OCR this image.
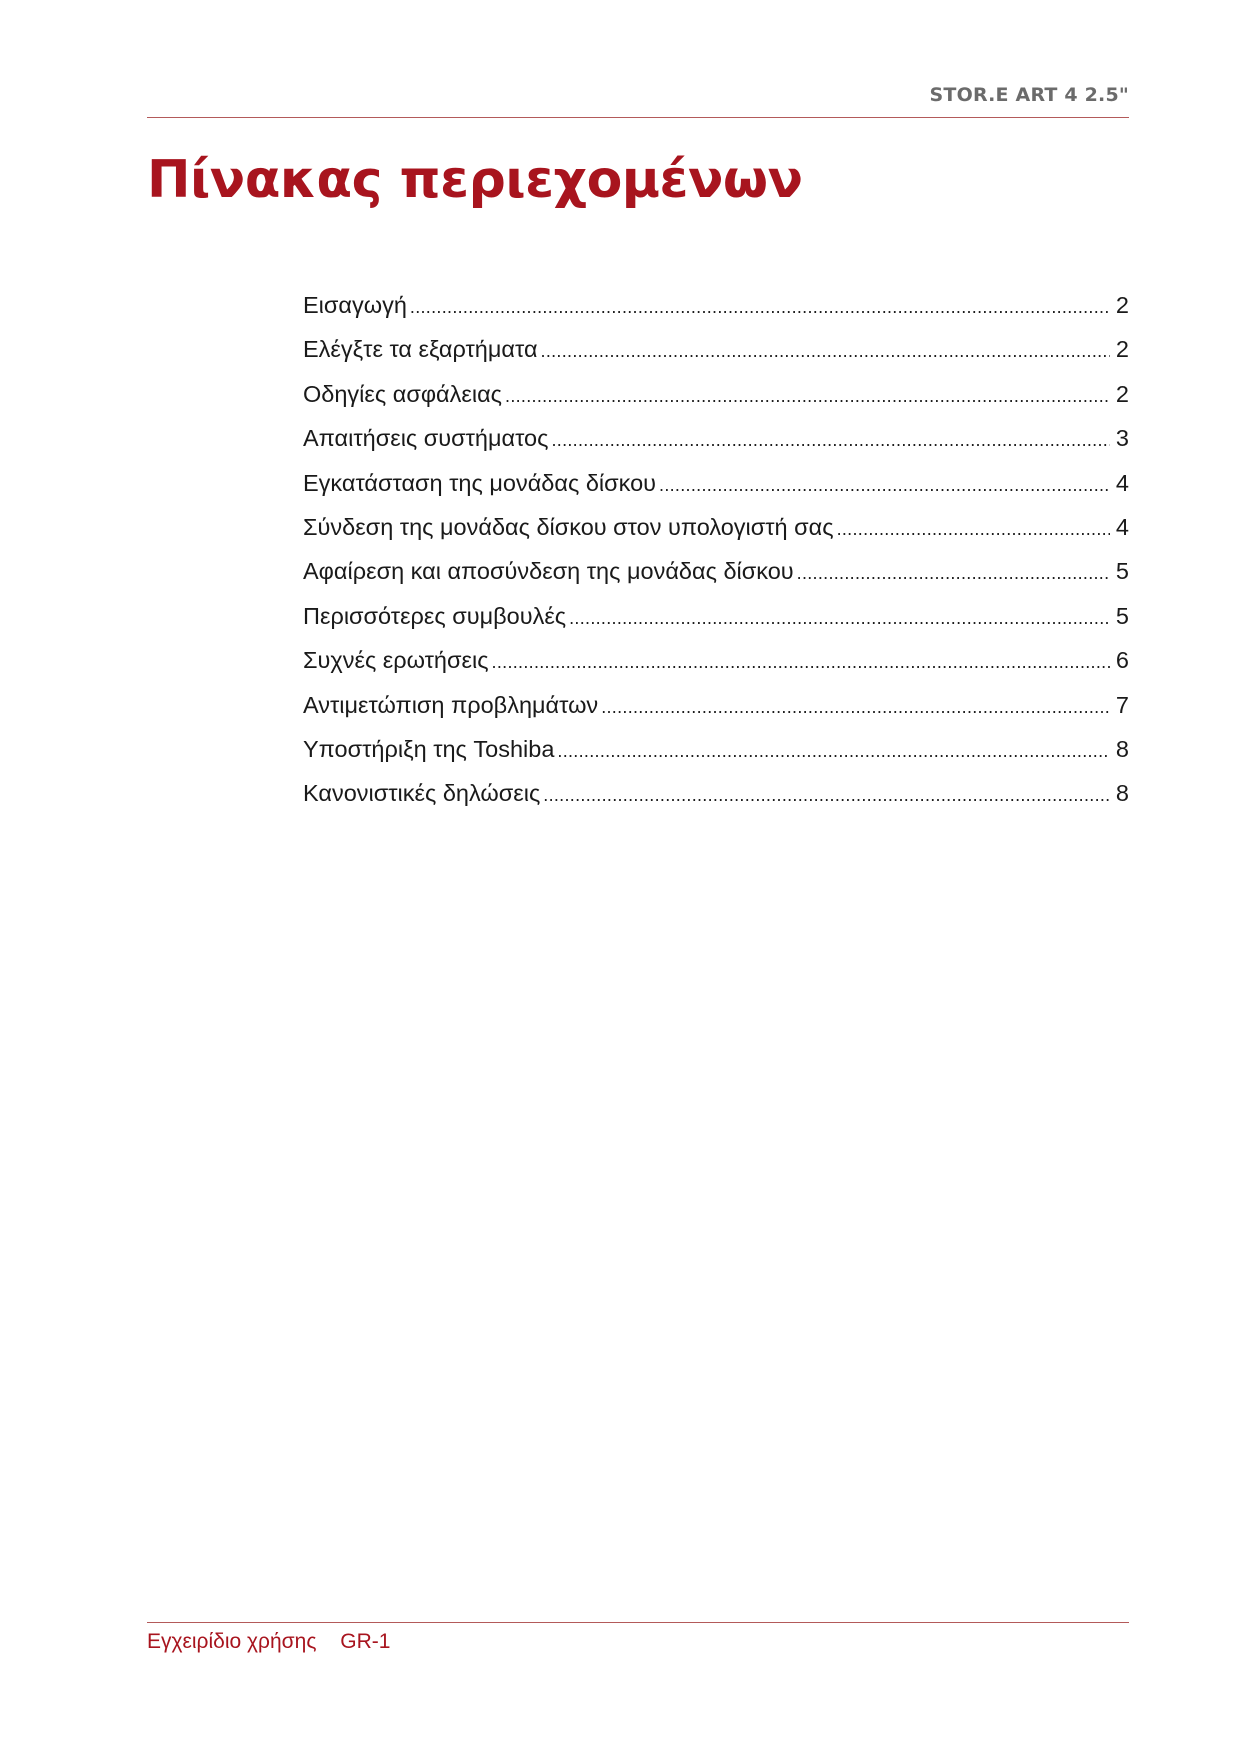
STOR.E ART 4 2.5"
Πίνακας περιεχομένων
Εισαγωγή .....	2
Ελέγξτε τα εξαρτήματα .....	2
Οδηγίες ασφάλειας .....	2
Απαιτήσεις συστήματος .....	3
Εγκατάσταση της μονάδας δίσκου .....	4
Σύνδεση της μονάδας δίσκου στον υπολογιστή σας .....	4
Αφαίρεση και αποσύνδεση της μονάδας δίσκου .....	5
Περισσότερες συμβουλές .....	5
Συχνές ερωτήσεις .....	6
Αντιμετώπιση προβλημάτων .....	7
Υποστήριξη της Toshiba .....	8
Κανονιστικές δηλώσεις .....	8
Εγχειρίδιο χρήσης GR-1
